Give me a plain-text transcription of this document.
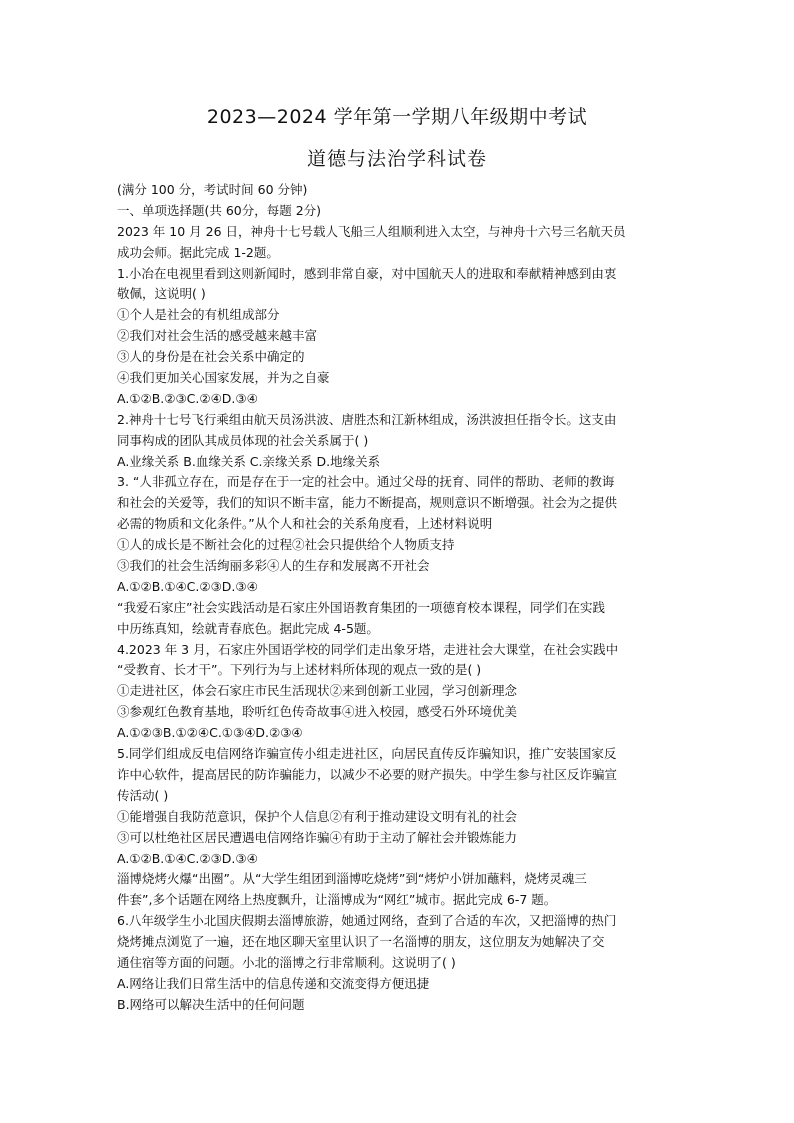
2023—2024 学年第一学期八年级期中考试
道德与法治学科试卷
(满分 100 分，考试时间 60 分钟)
一、单项选择题(共 60分，每题 2分)
2023 年 10 月 26 日，神舟十七号载人飞船三人组顺利进入太空，与神舟十六号三名航天员
成功会师。据此完成 1-2题。
1.小冶在电视里看到这则新闻时，感到非常自豪，对中国航天人的进取和奉献精神感到由衷
敬佩，这说明( )
①个人是社会的有机组成部分
②我们对社会生活的感受越来越丰富
③人的身份是在社会关系中确定的
④我们更加关心国家发展，并为之自豪
A.①②B.②③C.②④D.③④
2.神舟十七号飞行乘组由航天员汤洪波、唐胜杰和江新林组成，汤洪波担任指令长。这支由
同事构成的团队其成员体现的社会关系属于( )
A.业缘关系 B.血缘关系 C.亲缘关系 D.地缘关系
3. “人非孤立存在，而是存在于一定的社会中。通过父母的抚育、同伴的帮助、老师的教诲
和社会的关爱等，我们的知识不断丰富，能力不断提高，规则意识不断增强。社会为之提供
必需的物质和文化条件。”从个人和社会的关系角度看，上述材料说明
①人的成长是不断社会化的过程②社会只提供给个人物质支持
③我们的社会生活绚丽多彩④人的生存和发展离不开社会
A.①②B.①④C.②③D.③④
“我爱石家庄”社会实践活动是石家庄外国语教育集团的一项德育校本课程，同学们在实践
中历练真知，绘就青春底色。据此完成 4-5题。
4.2023 年 3 月，石家庄外国语学校的同学们走出象牙塔，走进社会大课堂，在社会实践中
“受教育、长才干”。下列行为与上述材料所体现的观点一致的是( )
①走进社区，体会石家庄市民生活现状②来到创新工业园，学习创新理念
③参观红色教育基地，聆听红色传奇故事④进入校园，感受石外环境优美
A.①②③B.①②④C.①③④D.②③④
5.同学们组成反电信网络诈骗宣传小组走进社区，向居民直传反诈骗知识，推广安装国家反
诈中心软件，提高居民的防诈骗能力，以减少不必要的财产损失。中学生参与社区反诈骗宣
传活动( )
①能增强自我防范意识，保护个人信息②有利于推动建设文明有礼的社会
③可以杜绝社区居民遭遇电信网络诈骗④有助于主动了解社会并锻炼能力
A.①②B.①④C.②③D.③④
淄博烧烤火爆“出圈”。从“大学生组团到淄博吃烧烤”到“烤炉小饼加蘸料，烧烤灵魂三
件套”,多个话题在网络上热度飘升，让淄博成为“网红”城市。据此完成 6-7 题。
6.八年级学生小北国庆假期去淄博旅游，她通过网络，查到了合适的车次，又把淄博的热门
烧烤摊点浏览了一遍，还在地区聊天室里认识了一名淄博的朋友，这位朋友为她解决了交
通住宿等方面的问题。小北的淄博之行非常顺利。这说明了( )
A.网络让我们日常生活中的信息传递和交流变得方便迅捷
B.网络可以解决生活中的任何问题
